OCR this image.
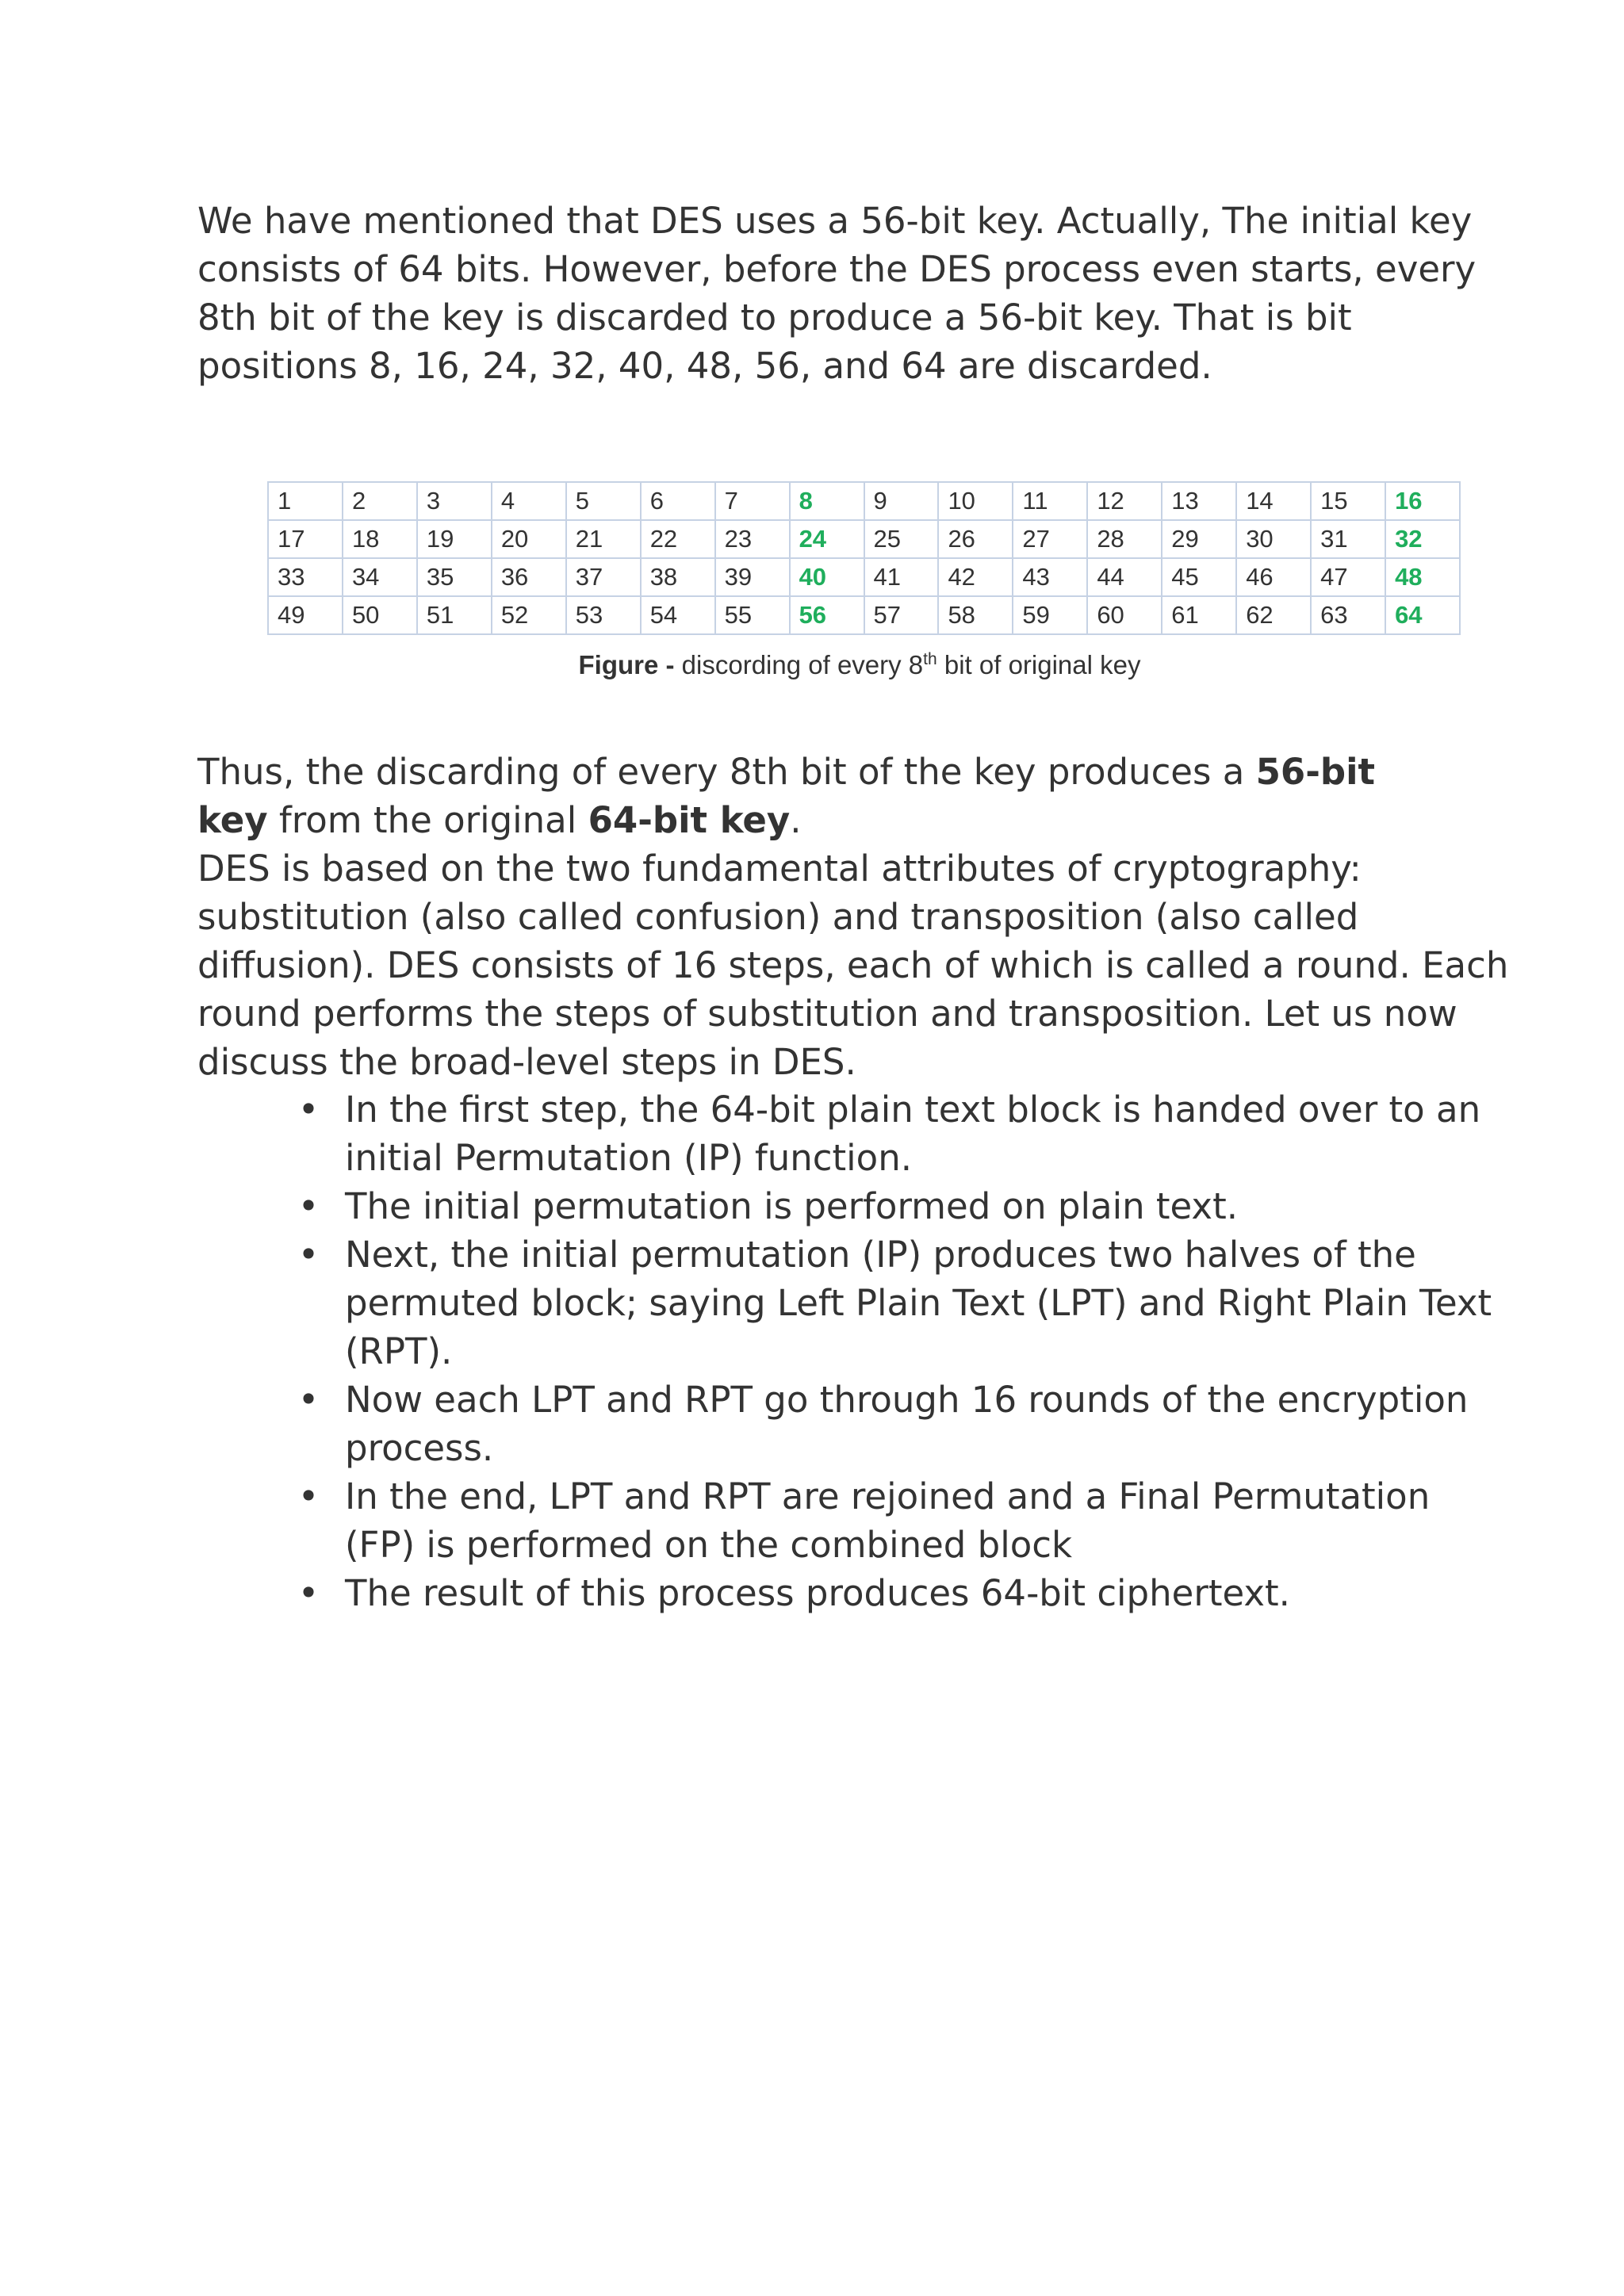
We have mentioned that DES uses a 56-bit key. Actually, The initial key
consists of 64 bits. However, before the DES process even starts, every
8th bit of the key is discarded to produce a 56-bit key. That is bit
positions 8, 16, 24, 32, 40, 48, 56, and 64 are discarded.

1	2	3	4	5	6	7	8	9	10	11	12	13	14	15	16
17	18	19	20	21	22	23	24	25	26	27	28	29	30	31	32
33	34	35	36	37	38	39	40	41	42	43	44	45	46	47	48
49	50	51	52	53	54	55	56	57	58	59	60	61	62	63	64
Figure - discording of every 8th bit of original key

Thus, the discarding of every 8th bit of the key produces a 56-bit
key from the original 64-bit key.
DES is based on the two fundamental attributes of cryptography:
substitution (also called confusion) and transposition (also called
diffusion). DES consists of 16 steps, each of which is called a round. Each
round performs the steps of substitution and transposition. Let us now
discuss the broad-level steps in DES.

• In the first step, the 64-bit plain text block is handed over to an
initial Permutation (IP) function.
• The initial permutation is performed on plain text.
• Next, the initial permutation (IP) produces two halves of the
permuted block; saying Left Plain Text (LPT) and Right Plain Text
(RPT).
• Now each LPT and RPT go through 16 rounds of the encryption
process.
• In the end, LPT and RPT are rejoined and a Final Permutation
(FP) is performed on the combined block
• The result of this process produces 64-bit ciphertext.
